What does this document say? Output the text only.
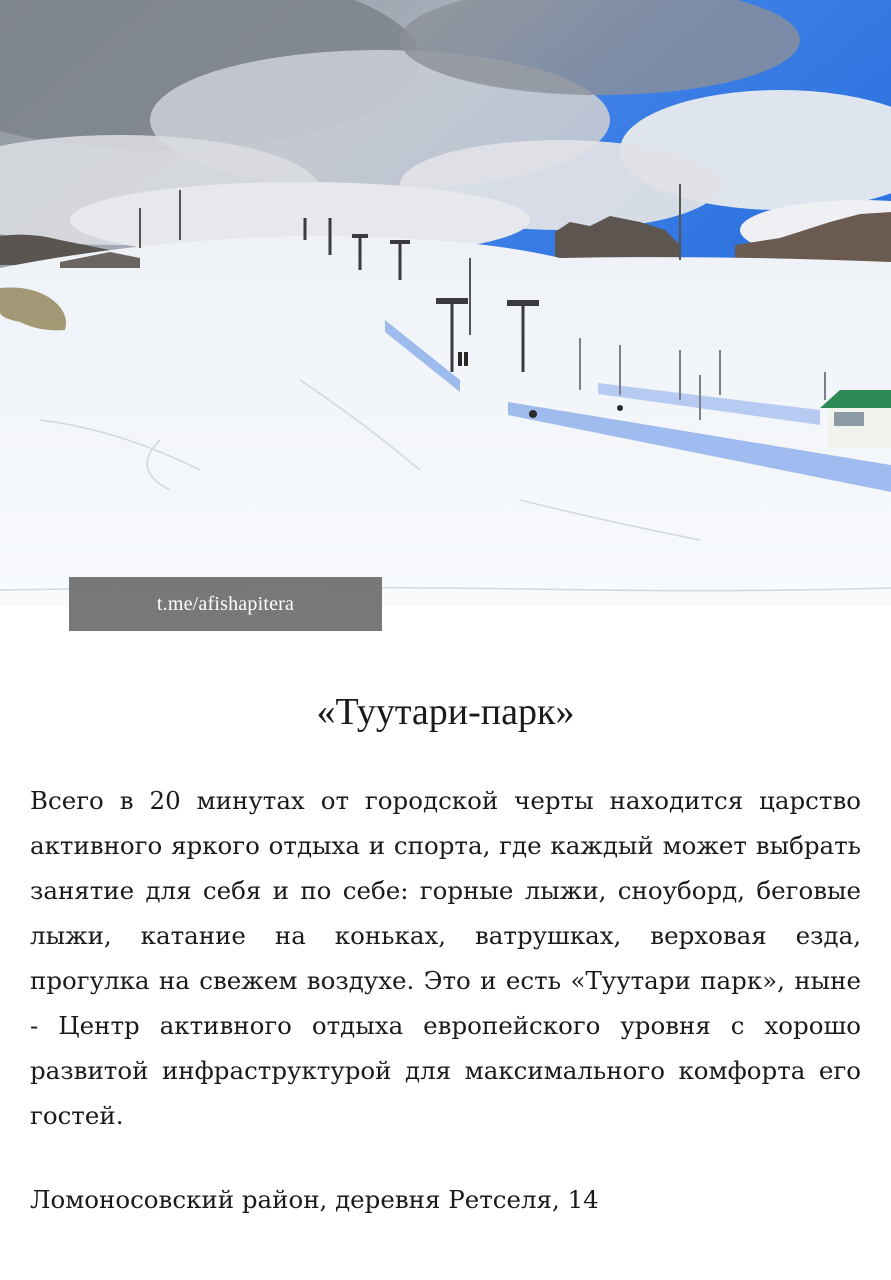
t.me/afishapitera
«Туутари-парк»

Всего в 20 минутах от городской черты находится царство активного яркого отдыха и спорта, где каждый может выбрать занятие для себя и по себе: горные лыжи, сноуборд, беговые лыжи, катание на коньках, ватрушках, верховая езда, прогулка на свежем воздухе. Это и есть «Туутари парк», ныне - Центр активного отдыха европейского уровня с хорошо развитой инфраструктурой для максимального комфорта его гостей.

Ломоносовский район, деревня Ретселя, 14
